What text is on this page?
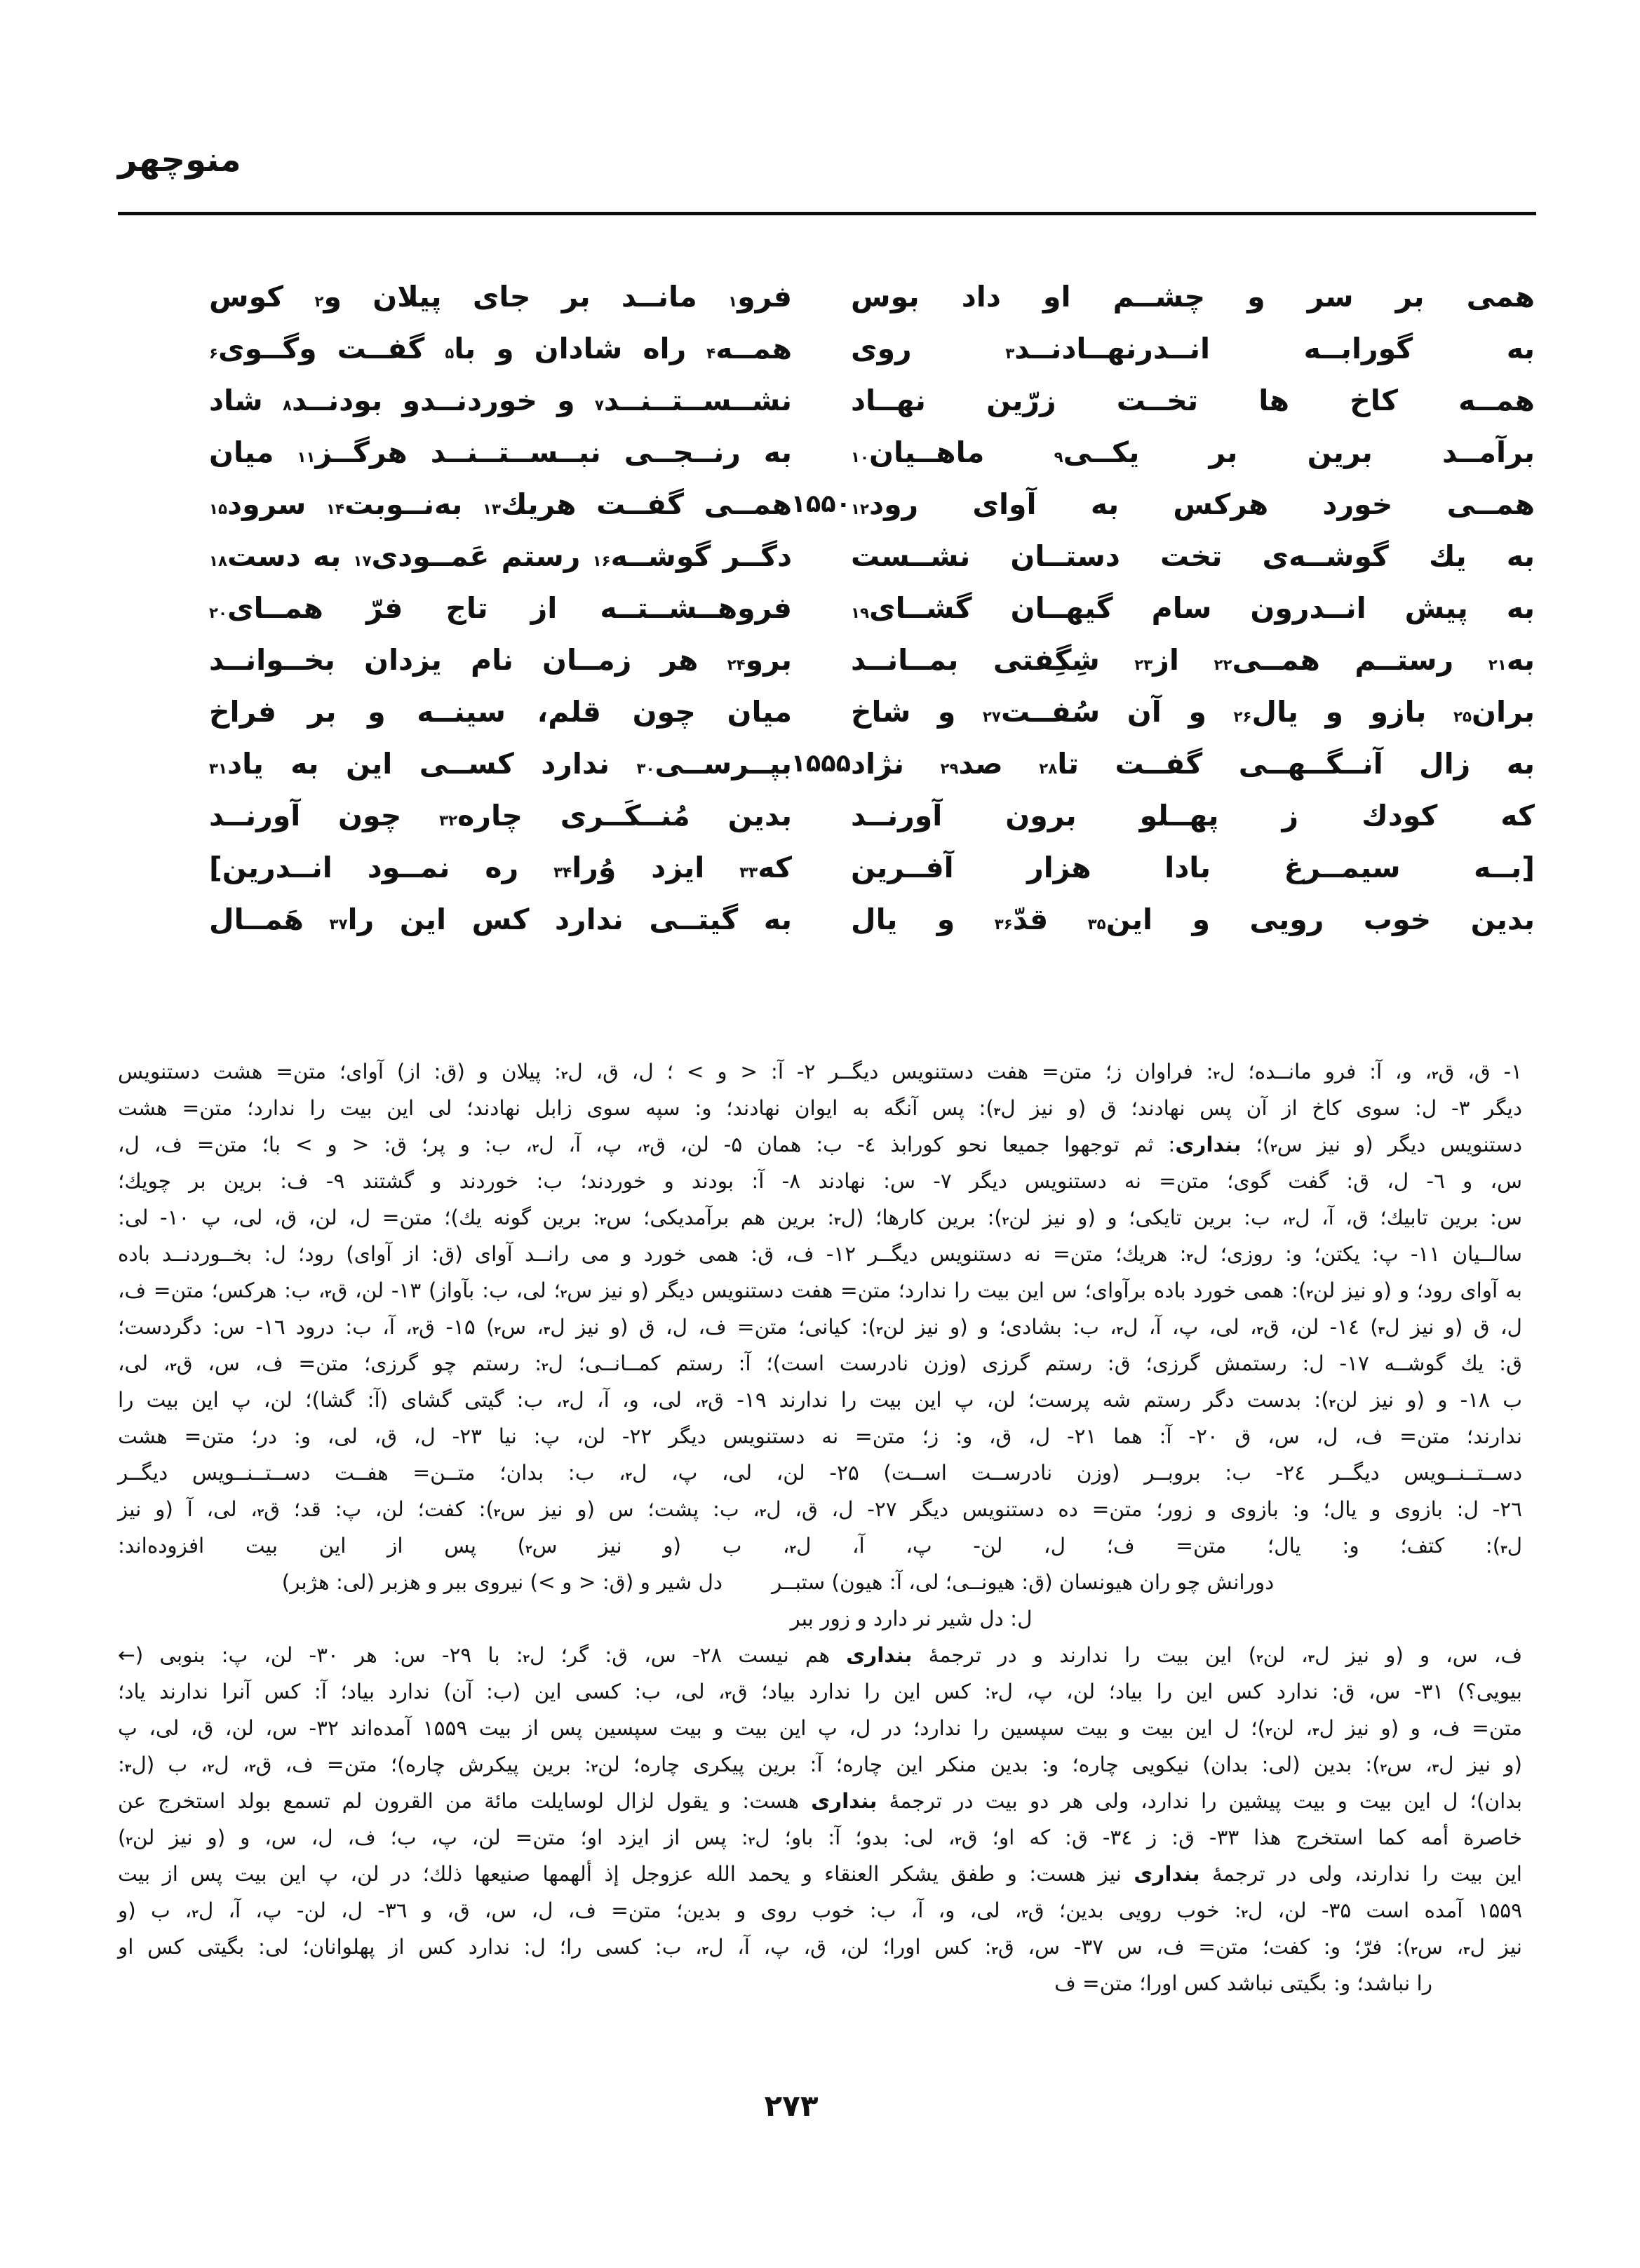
منوچهر
همی بر سر و چشــم او داد بوس
فرو$^۱$ مانــد بر جای پیلان و$^۲$ کوس
به گورابــه انــدرنهــادنــد$^۳$ روی
همــه$^۴$ راه شادان و با$^۵$ گفــت وگــوی$^۶$
همــه کاخ ها تخــت زرّین نهــاد
نشــســتــنــد$^۷$ و خوردنــدو بودنــد$^۸$ شاد
برآمــد برین بر یکــی$^۹$ ماهــیان$^{۱۰}$
به رنــجــی نبــســتــنــد هرگــز$^{۱۱}$ میان
همــی خورد هرکس به آوای رود$^{۱۲}$
۱۵۵۰
همــی گفــت هریك$^{۱۳}$ به‌نــوبت$^{۱۴}$ سرود$^{۱۵}$
به یك گوشــه‌ی تخت دستــان نشــست
دگــر گوشــه$^{۱۶}$ رستم عَمــودی$^{۱۷}$ به دست$^{۱۸}$
به پیش انــدرون سام گیهــان گشــای$^{۱۹}$
فروهــشــتــه از تاج فرّ همــای$^{۲۰}$
به$^{۲۱}$ رستــم همــی$^{۲۲}$ از$^{۲۳}$ شِگِفتی بمــانــد
برو$^{۲۴}$ هر زمــان نام یزدان بخــوانــد
بران$^{۲۵}$ بازو و یال$^{۲۶}$ و آن سُفــت$^{۲۷}$ و شاخ
میان چون قلم، سینــه و بر فراخ
به زال آنــگــهــی گفــت تا$^{۲۸}$ صد$^{۲۹}$ نژاد
۱۵۵۵
بپــرســی$^{۳۰}$ ندارد کســی این به یاد$^{۳۱}$
که کودك ز پهــلو برون آورنــد
بدین مُنــکَــری چاره$^{۳۲}$ چون آورنــد
[بــه سیمــرغ بادا هزار آفــرین
که$^{۳۳}$ ایزد وُرا$^{۳۴}$ ره نمــود انــدرین]
بدین خوب رویی و این$^{۳۵}$ قدّ$^{۳۶}$ و یال
به گیتــی ندارد کس این را$^{۳۷}$ هَمــال
۱- ق، ق$^۲$، و، آ: فرو مانــده؛ ل$^۲$: فراوان ز؛ متن= هفت دستنویس دیگــر ۲- آ: < و > ؛ ل، ق، ل$^۲$: پیلان و (ق: از) آوای؛ متن= هشت دستنویس
دیگر ۳- ل: سوی کاخ از آن پس نهادند؛ ق (و نیز ل$^۳$): پس آنگه به ایوان نهادند؛ و: سپه سوی زابل نهادند؛ لی این بیت را ندارد؛ متن= هشت
دستنویس دیگر (و نیز س$^۲$)؛ بنداری: ثم توجهوا جمیعا نحو کورابذ ٤- ب: همان ۵- لن، ق$^۲$، پ، آ، ل$^۲$، ب: و پر؛ ق: < و > با؛ متن= ف، ل،
س، و ٦- ل، ق: گفت گوی؛ متن= نه دستنویس دیگر ۷- س: نهادند ۸- آ: بودند و خوردند؛ ب: خوردند و گشتند ۹- ف: برین بر چویك؛
س: برین تابیك؛ ق، آ، ل$^۲$، ب: برین تایکی؛ و (و نیز لن$^۲$): برین کارها؛ (ل$^۳$: برین هم برآمدیکی؛ س$^۲$: برین گونه یك)؛ متن= ل، لن، ق، لی، پ ۱۰- لی:
سالــیان ۱۱- پ: یکتن؛ و: روزی؛ ل$^۲$: هریك؛ متن= نه دستنویس دیگــر ۱۲- ف، ق: همی خورد و می رانــد آوای (ق: از آوای) رود؛ ل: بخــوردنــد باده
به آوای رود؛ و (و نیز لن$^۲$): همی خورد باده برآوای؛ س این بیت را ندارد؛ متن= هفت دستنویس دیگر (و نیز س$^۲$؛ لی، ب: بآواز) ۱۳- لن، ق$^۲$، ب: هرکس؛ متن= ف،
ل، ق (و نیز ل$^۳$) ۱٤- لن، ق$^۲$، لی، پ، آ، ل$^۲$، ب: بشادی؛ و (و نیز لن$^۲$): کیانی؛ متن= ف، ل، ق (و نیز ل$^۳$، س$^۲$) ۱۵- ق$^۲$، آ، ب: درود ۱٦- س: دگردست؛
ق: یك گوشــه ۱۷- ل: رستمش گرزی؛ ق: رستم گرزی (وزن نادرست است)؛ آ: رستم کمــانــی؛ ل$^۲$: رستم چو گرزی؛ متن= ف، س، ق$^۲$، لی،
ب ۱۸- و (و نیز لن$^۲$): بدست دگر رستم شه پرست؛ لن، پ این بیت را ندارند ۱۹- ق$^۲$، لی، و، آ، ل$^۲$، ب: گیتی گشای (آ: گشا)؛ لن، پ این بیت را
ندارند؛ متن= ف، ل، س، ق ۲۰- آ: هما ۲۱- ل، ق، و: ز؛ متن= نه دستنویس دیگر ۲۲- لن، پ: نیا ۲۳- ل، ق، لی، و: در؛ متن= هشت
دســتــنــویس دیگــر ۲٤- ب: بروبــر (وزن نادرســت اســت) ۲۵- لن، لی، پ، ل$^۲$، ب: بدان؛ متــن= هفــت دســتــنــویس دیگــر
۲٦- ل: بازوی و یال؛ و: بازوی و زور؛ متن= ده دستنویس دیگر ۲۷- ل، ق، ل$^۲$، ب: پشت؛ س (و نیز س$^۲$): کفت؛ لن، پ: قد؛ ق$^۲$، لی، آ (و نیز
ل$^۳$): کتف؛ و: یال؛ متن= ف؛ ل، لن- پ، آ، ل$^۲$، ب (و نیز س$^۲$) پس از این بیت افزوده‌اند:
دورانش چو ران هیونسان (ق: هیونــی؛ لی، آ: هیون) ستبــردل شیر و (ق: < و >) نیروی ببر و هزبر (لی: هژبر)
ل: دل شیر نر دارد و زور ببر
ف، س، و (و نیز ل$^۳$، لن$^۲$) این بیت را ندارند و در ترجمهٔ بنداری هم نیست ۲۸- س، ق: گر؛ ل$^۲$: با ۲۹- س: هر ۳۰- لن، پ: بنوبی (←
بیویی؟) ۳۱- س، ق: ندارد کس این را بیاد؛ لن، پ، ل$^۲$: کس این را ندارد بیاد؛ ق$^۲$، لی، ب: کسی این (ب: آن) ندارد بیاد؛ آ: کس آنرا ندارند یاد؛
متن= ف، و (و نیز ل$^۳$، لن$^۲$)؛ ل این بیت و بیت سپسین را ندارد؛ در ل، پ این بیت و بیت سپسین پس از بیت ۱۵۵۹ آمده‌اند ۳۲- س، لن، ق، لی، پ
(و نیز ل$^۳$، س$^۲$): بدین (لی: بدان) نیکویی چاره؛ و: بدین منکر این چاره؛ آ: برین پیکری چاره؛ لن$^۲$: برین پیکرش چاره)؛ متن= ف، ق$^۲$، ل$^۲$، ب (ل$^۳$:
بدان)؛ ل این بیت و بیت پیشین را ندارد، ولی هر دو بیت در ترجمهٔ بنداری هست: و یقول لزال لوسایلت مائة من القرون لم تسمع بولد استخرج عن
خاصرة أمه کما استخرج هذا ۳۳- ق: ز ۳٤- ق: که او؛ ق$^۲$، لی: بدو؛ آ: باو؛ ل$^۲$: پس از ایزد او؛ متن= لن، پ، ب؛ ف، ل، س، و (و نیز لن$^۲$)
این بیت را ندارند، ولی در ترجمهٔ بنداری نیز هست: و طفق یشکر العنقاء و یحمد الله عزوجل إذ ألهمها صنیعها ذلك؛ در لن، پ این بیت پس از بیت
۱۵۵۹ آمده است ۳۵- لن، ل$^۲$: خوب رویی بدین؛ ق$^۲$، لی، و، آ، ب: خوب روی و بدین؛ متن= ف، ل، س، ق، و ۳٦- ل، لن- پ، آ، ل$^۲$، ب (و
نیز ل$^۳$، س$^۲$): فرّ؛ و: کفت؛ متن= ف، س ۳۷- س، ق$^۲$: کس اورا؛ لن، ق، پ، آ، ل$^۲$، ب: کسی را؛ ل: ندارد کس از پهلوانان؛ لی: بگیتی کس او
را نباشد؛ و: بگیتی نباشد کس اورا؛ متن= ف
۲۷۳
